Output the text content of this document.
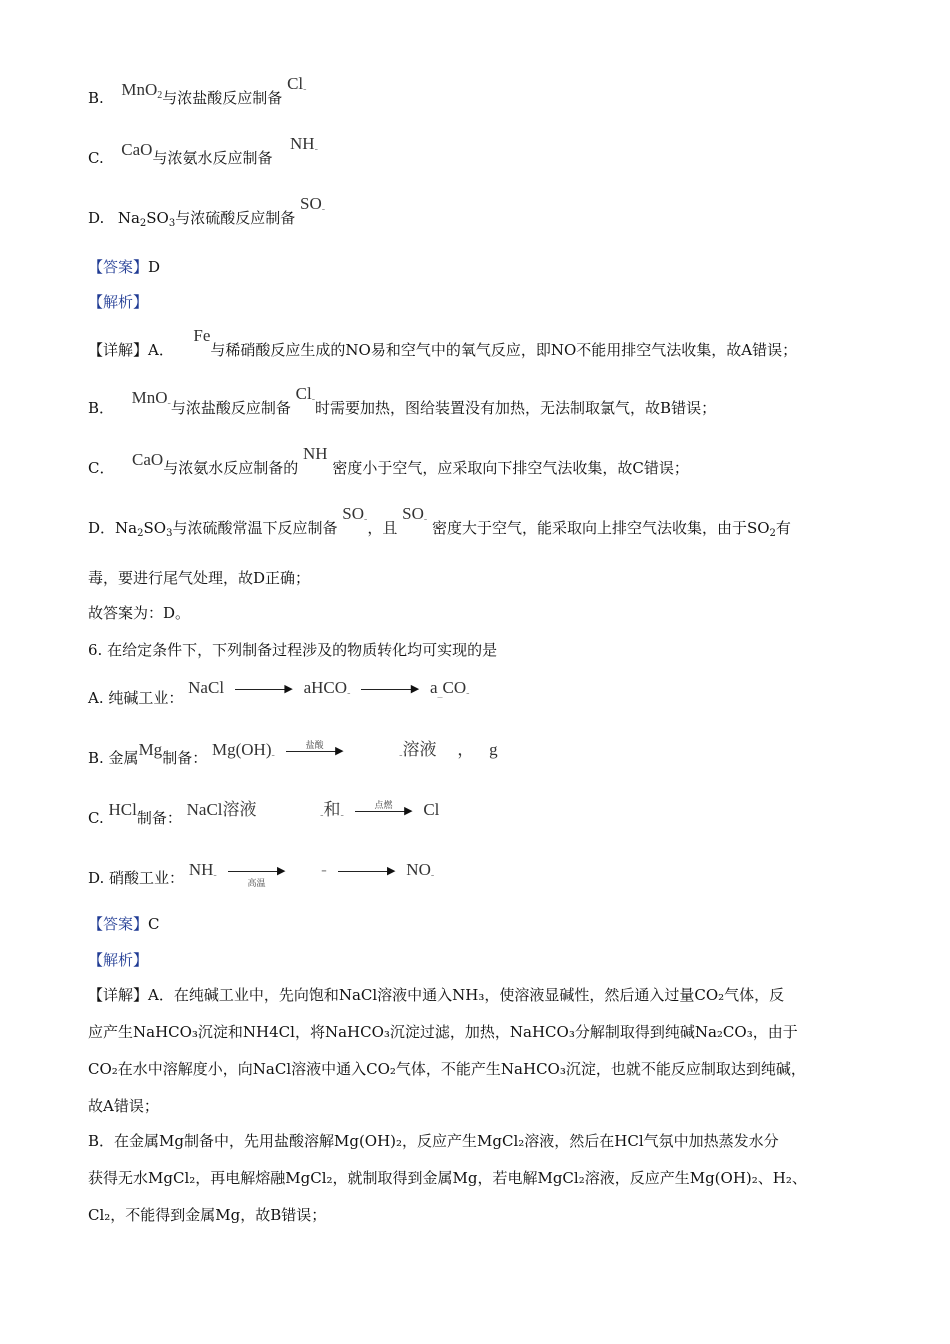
B. MnO$_2$与浓盐酸反应制备 $Cl_-$
C. CaO与浓氨水反应制备  $NH_-$
D. $Na_2SO_3$与浓硫酸反应制备 $SO_-$
【答案】D
【解析】
【详解】A．  Fe与稀硝酸反应生成的NO易和空气中的氧气反应，即NO不能用排空气法收集，故A错误；
B．  MnO$_-$与浓盐酸反应制备 $Cl_-$时需要加热，图给装置没有加热，无法制取氯气，故B错误；
C． CaO与浓氨水反应制备的 NH 密度小于空气，应采取向下排空气法收集，故C错误；
D．$Na_2SO_3$与浓硫酸常温下反应制备 $SO_-$，且 $SO_-$ 密度大于空气，能采取向上排空气法收集，由于$SO_2$有
毒，要进行尾气处理，故D正确；
故答案为：D。
6. 在给定条件下，下列制备过程涉及的物质转化均可实现的是
A. 纯碱工业： NaCl	▶ aHCO$_-$	▶ $a_{\_}CO_-$
B. 金属Mg制备： $Mg(OH)_-$
盐酸	▶	$_-$溶液 ， g
C. HCl制备： NaCl溶液	$_-$和$_-$
点燃	▶ Cl
D. 硝酸工业： $NH_-$	▶
高温
-	▶ $NO_-$
【答案】C
【解析】
【详解】A．在纯碱工业中，先向饱和NaCl溶液中通入NH₃，使溶液显碱性，然后通入过量CO₂气体，反
应产生NaHCO₃沉淀和NH4Cl，将NaHCO₃沉淀过滤，加热，NaHCO₃分解制取得到纯碱Na₂CO₃，由于
CO₂在水中溶解度小，向NaCl溶液中通入CO₂气体，不能产生NaHCO₃沉淀，也就不能反应制取达到纯碱，
故A错误；
B．在金属Mg制备中，先用盐酸溶解Mg(OH)₂，反应产生MgCl₂溶液，然后在HCl气氛中加热蒸发水分
获得无水MgCl₂，再电解熔融MgCl₂，就制取得到金属Mg，若电解MgCl₂溶液，反应产生Mg(OH)₂、H₂、
Cl₂，不能得到金属Mg，故B错误；
